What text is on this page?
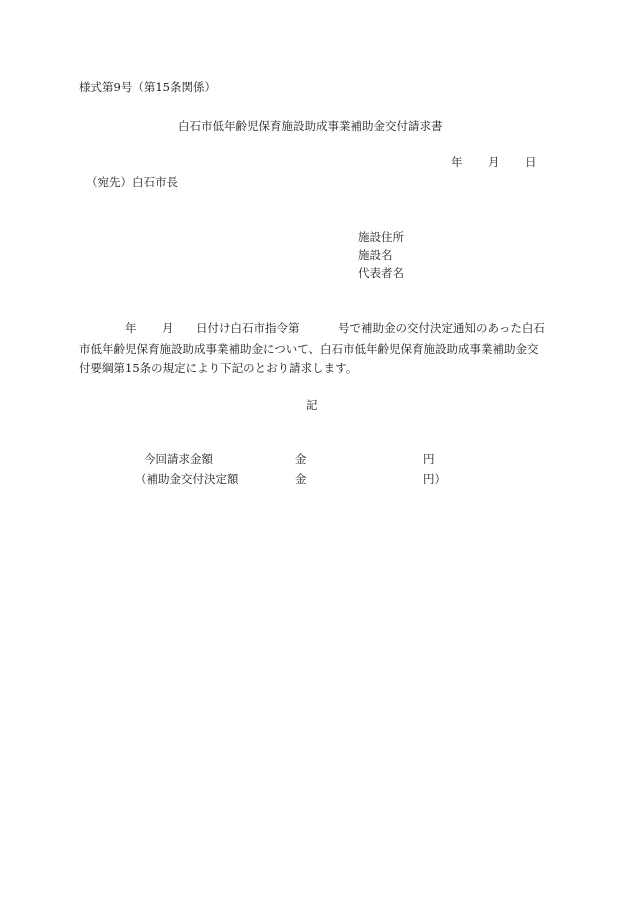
様式第9号（第15条関係）
白石市低年齢児保育施設助成事業補助金交付請求書
年 月 日
（宛先）白石市長
施設住所
施設名
代表者名
年 月 日付け白石市指令第	号で補助金の交付決定通知のあった白石
市低年齢児保育施設助成事業補助金について、白石市低年齢児保育施設助成事業補助金交
付要綱第15条の規定により下記のとおり請求します。
記
今回請求金額	金	円
（補助金交付決定額	金	円）
